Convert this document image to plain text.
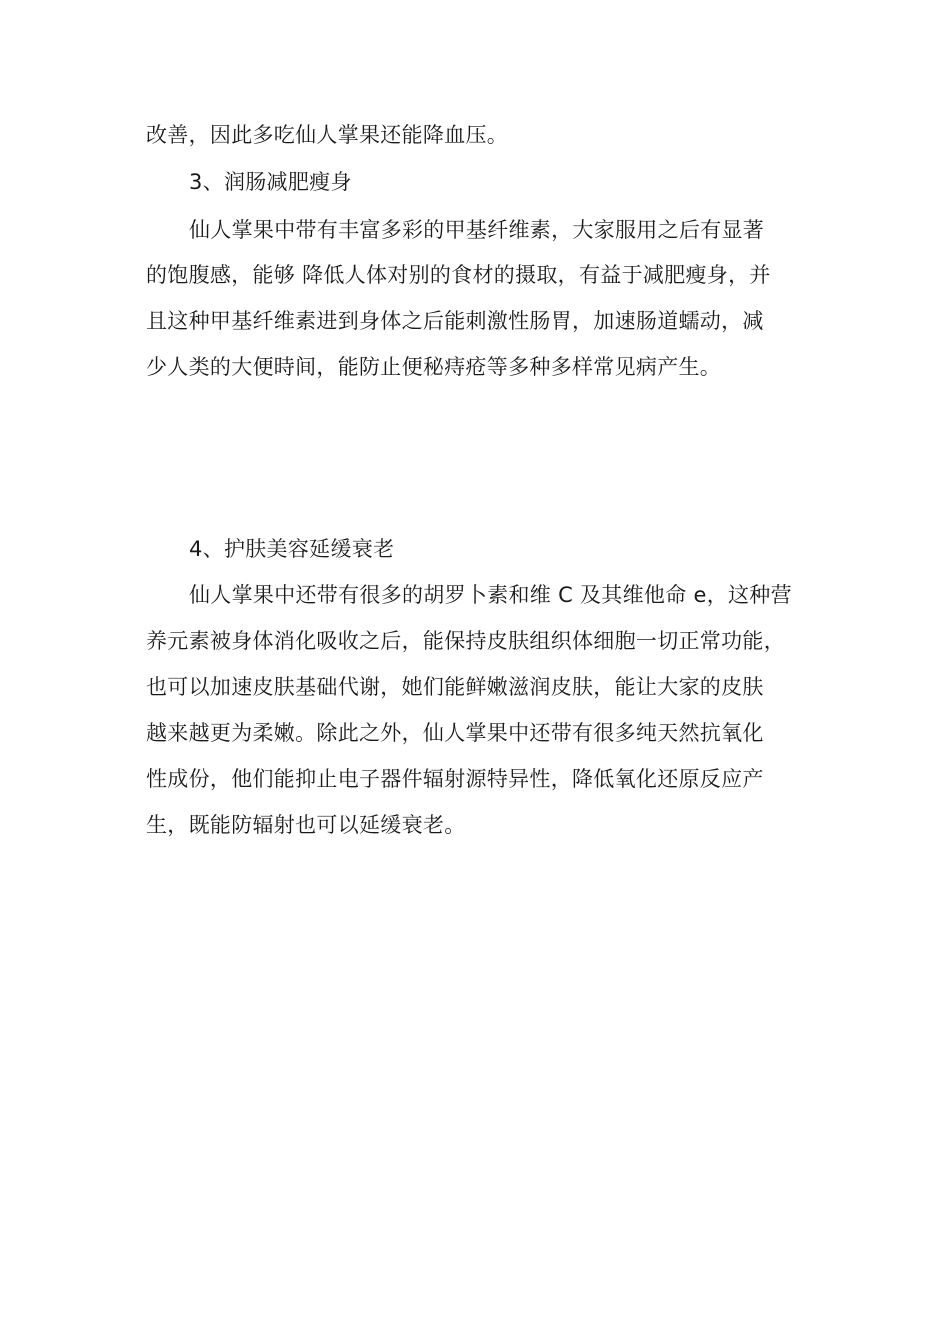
改善，因此多吃仙人掌果还能降血压。
3、润肠减肥瘦身
仙人掌果中带有丰富多彩的甲基纤维素，大家服用之后有显著
的饱腹感，能够 降低人体对别的食材的摄取，有益于减肥瘦身，并
且这种甲基纤维素进到身体之后能刺激性肠胃，加速肠道蠕动，减
少人类的大便時间，能防止便秘痔疮等多种多样常见病产生。
4、护肤美容延缓衰老
仙人掌果中还带有很多的胡罗卜素和维 C 及其维他命 e，这种营
养元素被身体消化吸收之后，能保持皮肤组织体细胞一切正常功能，
也可以加速皮肤基础代谢，她们能鲜嫩滋润皮肤，能让大家的皮肤
越来越更为柔嫩。除此之外，仙人掌果中还带有很多纯天然抗氧化
性成份，他们能抑止电子器件辐射源特异性，降低氧化还原反应产
生，既能防辐射也可以延缓衰老。
